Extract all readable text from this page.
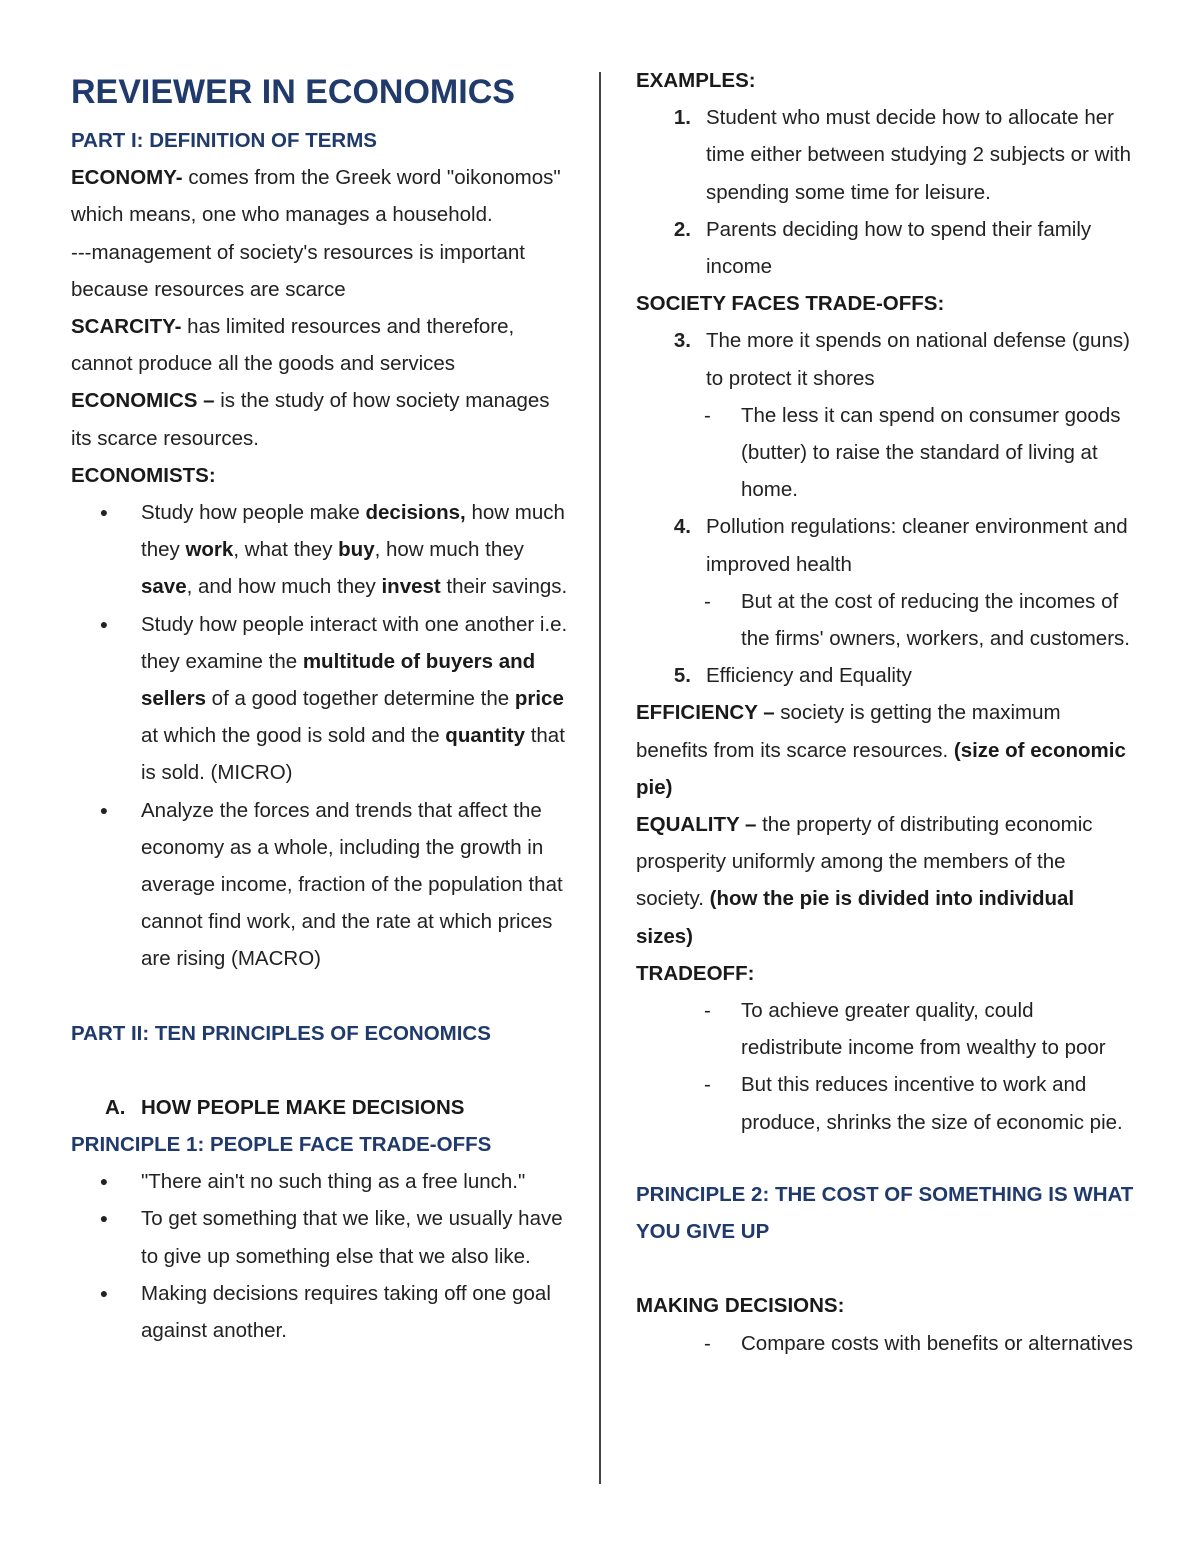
REVIEWER IN ECONOMICS
PART I: DEFINITION OF TERMS
ECONOMY- comes from the Greek word "oikonomos" which means, one who manages a household.
---management of society's resources is important because resources are scarce
SCARCITY- has limited resources and therefore, cannot produce all the goods and services
ECONOMICS – is the study of how society manages its scarce resources.
ECONOMISTS:
● Study how people make decisions, how much they work, what they buy, how much they save, and how much they invest their savings.
● Study how people interact with one another i.e. they examine the multitude of buyers and sellers of a good together determine the price at which the good is sold and the quantity that is sold. (MICRO)
● Analyze the forces and trends that affect the economy as a whole, including the growth in average income, fraction of the population that cannot find work, and the rate at which prices are rising (MACRO)
PART II: TEN PRINCIPLES OF ECONOMICS
A. HOW PEOPLE MAKE DECISIONS
PRINCIPLE 1: PEOPLE FACE TRADE-OFFS
● "There ain't no such thing as a free lunch."
● To get something that we like, we usually have to give up something else that we also like.
● Making decisions requires taking off one goal against another.
EXAMPLES:
1. Student who must decide how to allocate her time either between studying 2 subjects or with spending some time for leisure.
2. Parents deciding how to spend their family income
SOCIETY FACES TRADE-OFFS:
3. The more it spends on national defense (guns) to protect it shores
- The less it can spend on consumer goods (butter) to raise the standard of living at home.
4. Pollution regulations: cleaner environment and improved health
- But at the cost of reducing the incomes of the firms' owners, workers, and customers.
5. Efficiency and Equality
EFFICIENCY – society is getting the maximum benefits from its scarce resources. (size of economic pie)
EQUALITY – the property of distributing economic prosperity uniformly among the members of the society. (how the pie is divided into individual sizes)
TRADEOFF:
- To achieve greater quality, could redistribute income from wealthy to poor
- But this reduces incentive to work and produce, shrinks the size of economic pie.
PRINCIPLE 2: THE COST OF SOMETHING IS WHAT YOU GIVE UP
MAKING DECISIONS:
- Compare costs with benefits or alternatives
